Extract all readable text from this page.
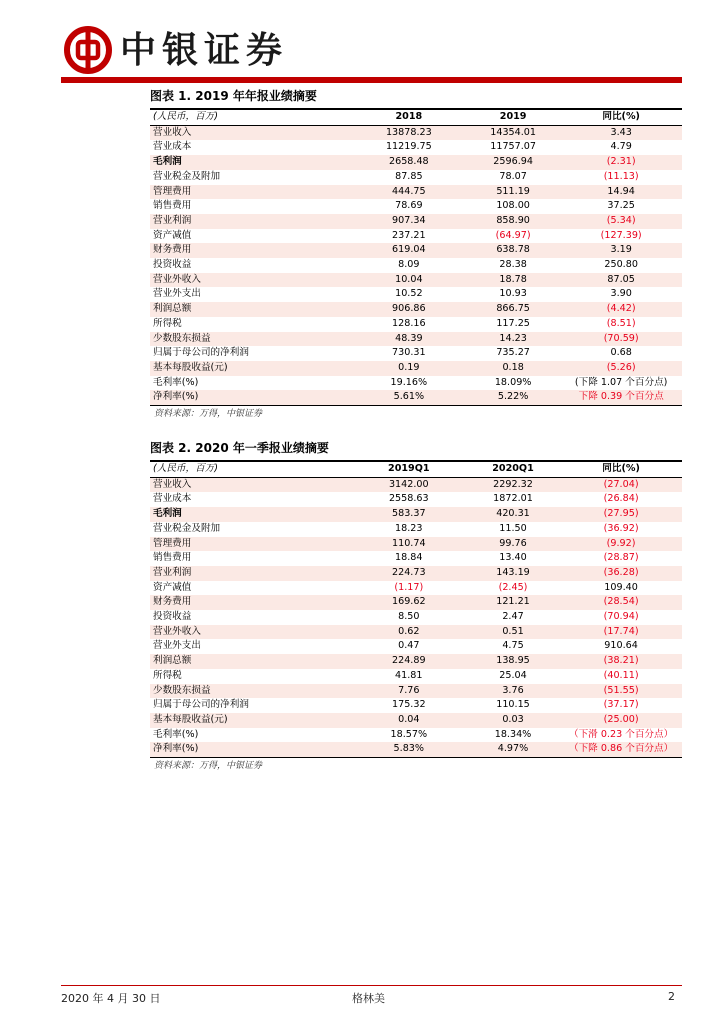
中银证券
图表 1. 2019 年年报业绩摘要
(人民币，百万)	2018	2019	同比(%)
营业收入	13878.23	14354.01	3.43
营业成本	11219.75	11757.07	4.79
毛利润	2658.48	2596.94	(2.31)
营业税金及附加	87.85	78.07	(11.13)
管理费用	444.75	511.19	14.94
销售费用	78.69	108.00	37.25
营业利润	907.34	858.90	(5.34)
资产减值	237.21	(64.97)	(127.39)
财务费用	619.04	638.78	3.19
投资收益	8.09	28.38	250.80
营业外收入	10.04	18.78	87.05
营业外支出	10.52	10.93	3.90
利润总额	906.86	866.75	(4.42)
所得税	128.16	117.25	(8.51)
少数股东损益	48.39	14.23	(70.59)
归属于母公司的净利润	730.31	735.27	0.68
基本每股收益(元)	0.19	0.18	(5.26)
毛利率(%)	19.16%	18.09%	(下降 1.07 个百分点)
净利率(%)	5.61%	5.22%	下降 0.39 个百分点
资料来源：万得，中银证券
图表 2. 2020 年一季报业绩摘要
(人民币，百万)	2019Q1	2020Q1	同比(%)
营业收入	3142.00	2292.32	(27.04)
营业成本	2558.63	1872.01	(26.84)
毛利润	583.37	420.31	(27.95)
营业税金及附加	18.23	11.50	(36.92)
管理费用	110.74	99.76	(9.92)
销售费用	18.84	13.40	(28.87)
营业利润	224.73	143.19	(36.28)
资产减值	(1.17)	(2.45)	109.40
财务费用	169.62	121.21	(28.54)
投资收益	8.50	2.47	(70.94)
营业外收入	0.62	0.51	(17.74)
营业外支出	0.47	4.75	910.64
利润总额	224.89	138.95	(38.21)
所得税	41.81	25.04	(40.11)
少数股东损益	7.76	3.76	(51.55)
归属于母公司的净利润	175.32	110.15	(37.17)
基本每股收益(元)	0.04	0.03	(25.00)
毛利率(%)	18.57%	18.34%	（下滑 0.23 个百分点）
净利率(%)	5.83%	4.97%	（下降 0.86 个百分点）
资料来源：万得，中银证券
2020 年 4 月 30 日	格林美	2
